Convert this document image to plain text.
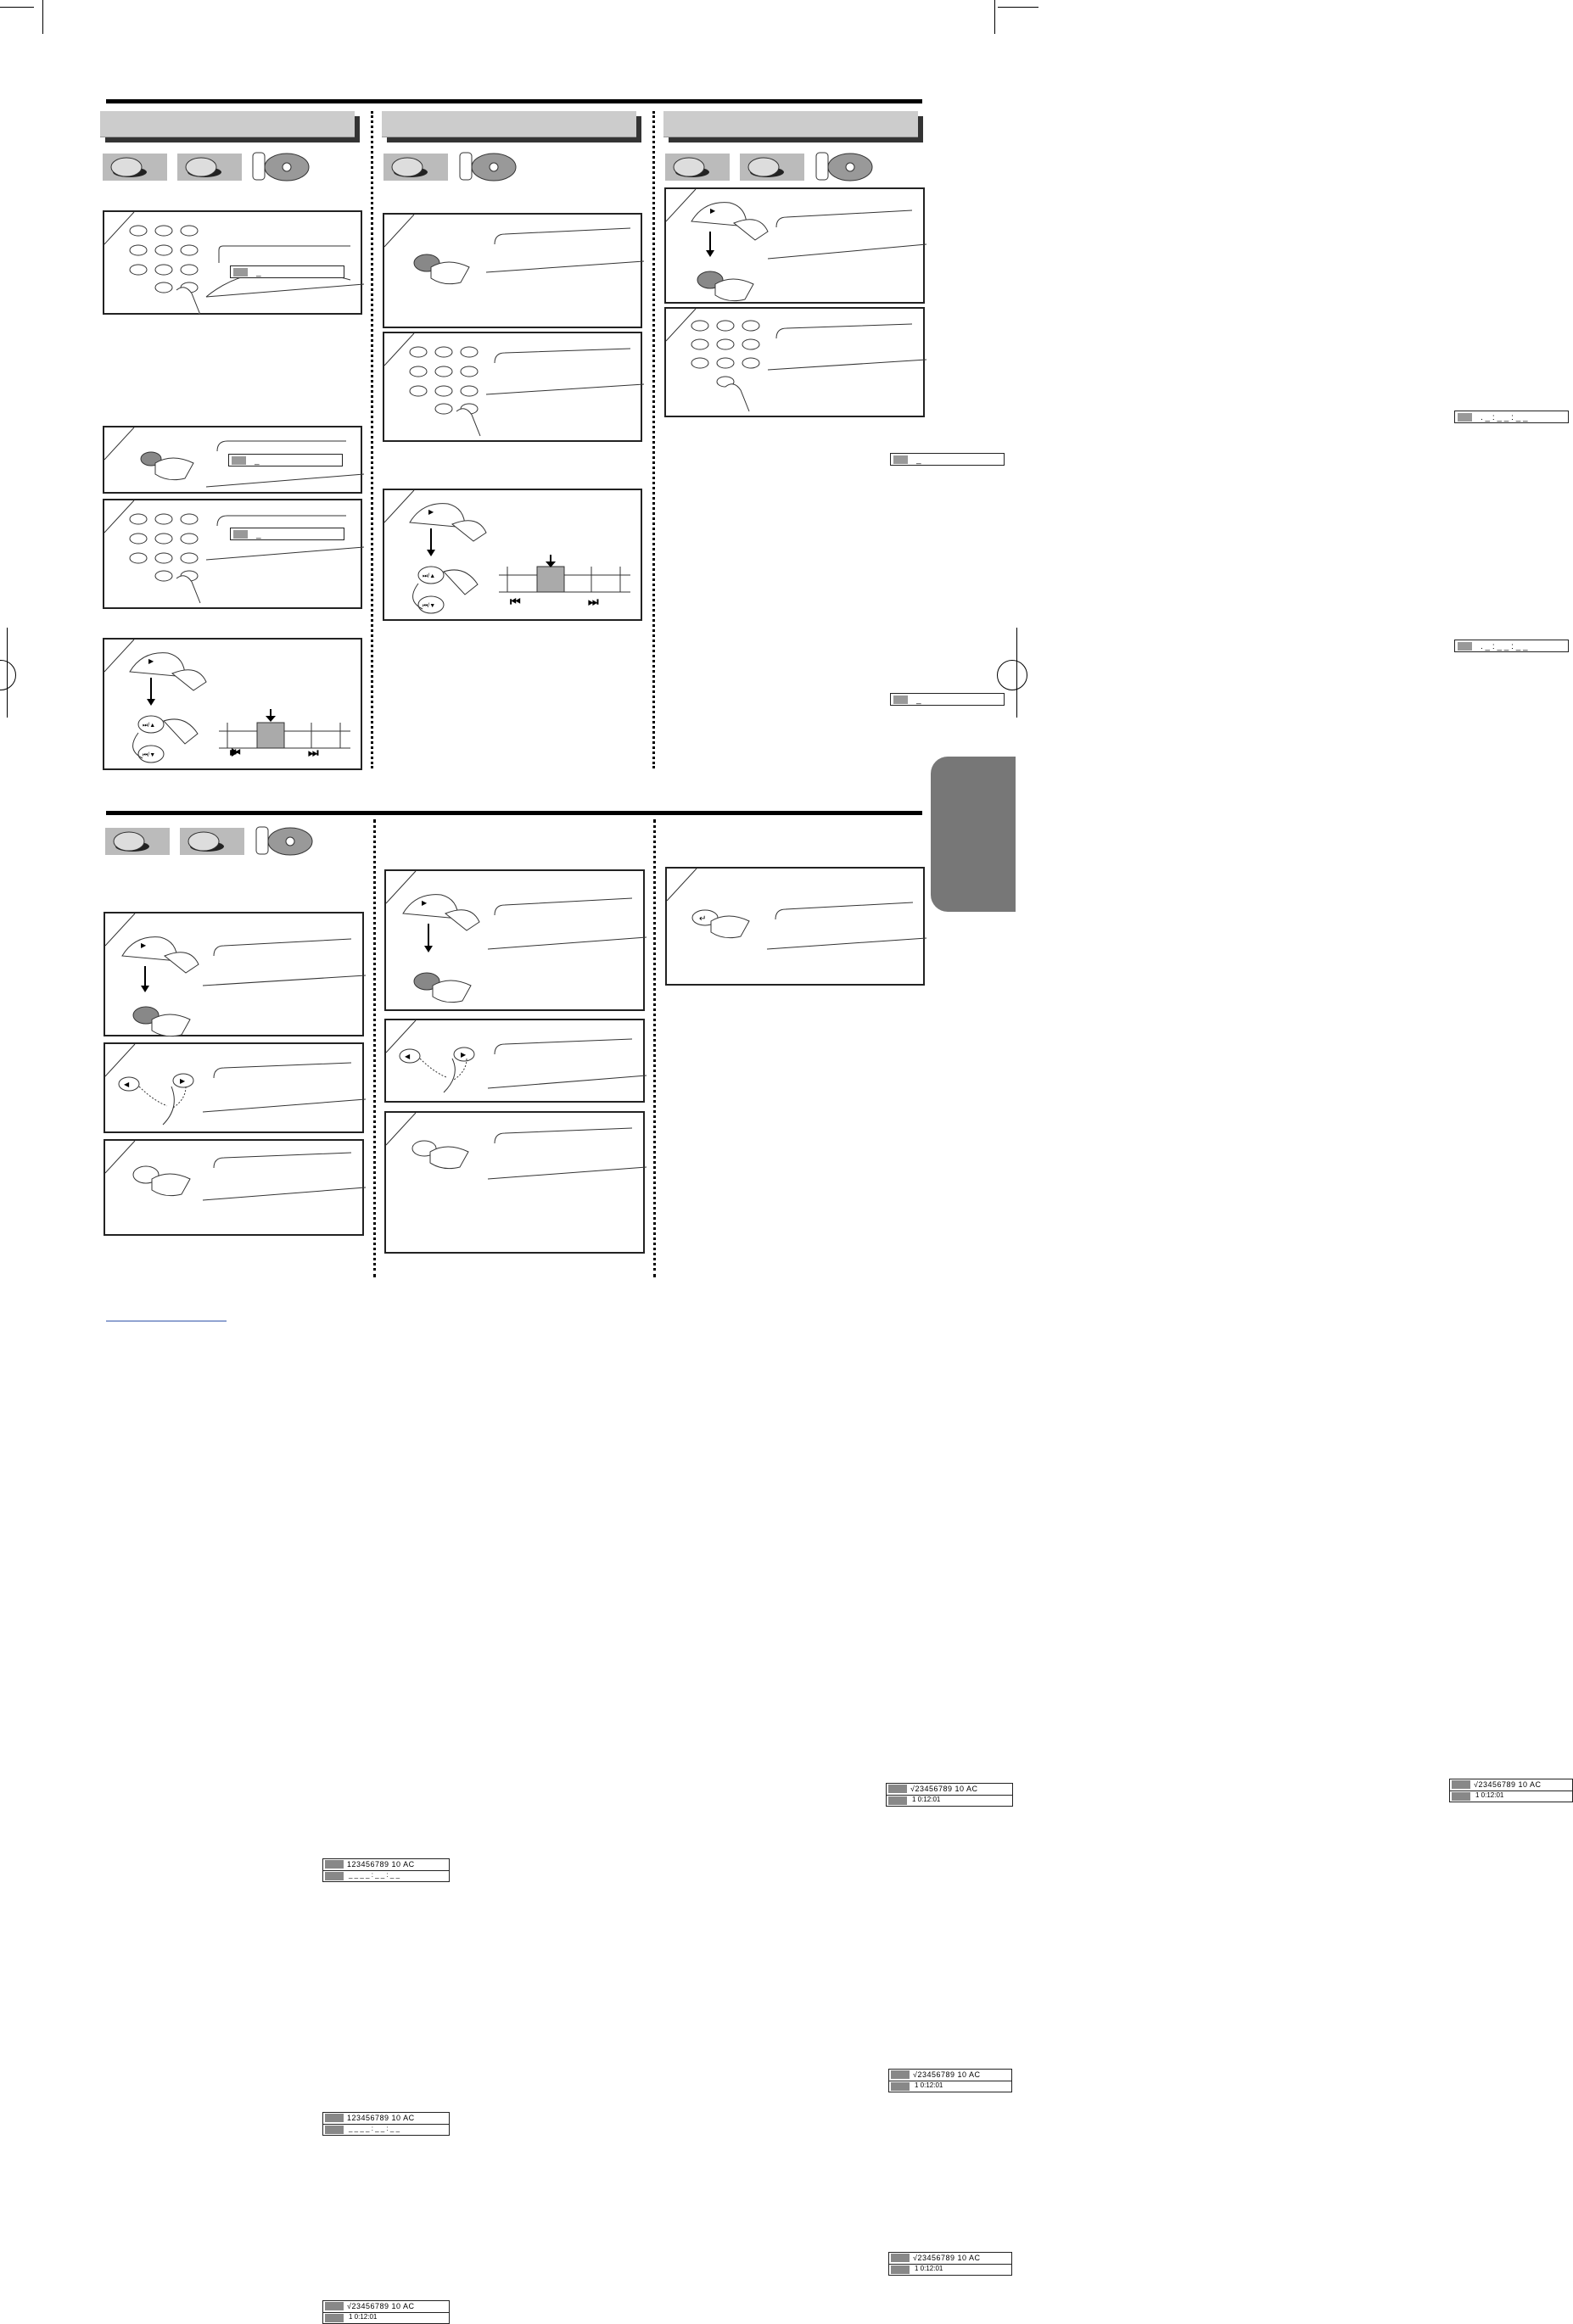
_
_
_
▶
⏭/▲
⏮/▼	⏮	⏭
_
_
▶
⏭/▲
⏮/▼	⏮	⏭
▶
. _ : _ _ : _ _
. _ : _ _ : _ _
▶
123456789 10 AC
_ _ _ _ : _ _ : _ _
◀	▶
123456789 10 AC
_ _ _ _ : _ _ : _ _
√23456789 10 AC
1 0:12:01
▶
√23456789 10 AC
1 0:12:01
◀	▶
√23456789 10 AC
1 0:12:01
√23456789 10 AC
1 0:12:01
↵
√23456789 10 AC
1 0:12:01
